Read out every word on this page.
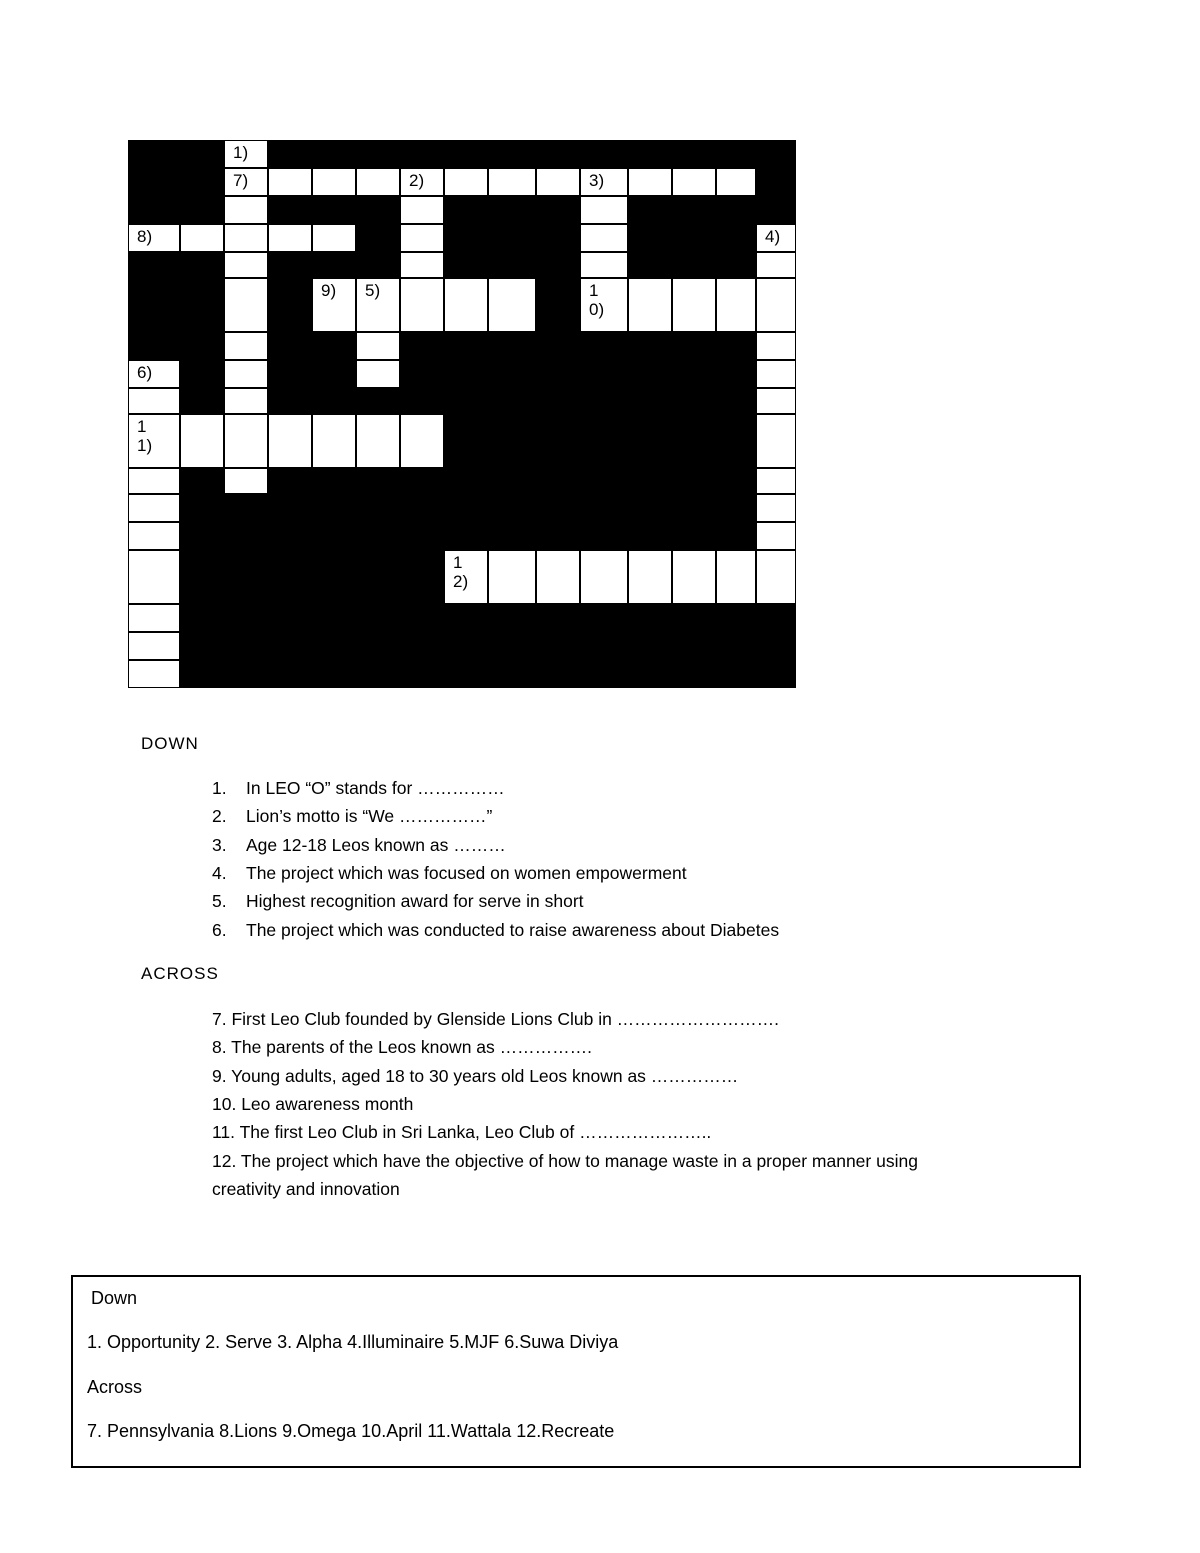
1)
7)	2)	3)
8)	4)
9) 5)	10)
6)
11)
12)
DOWN
1. In LEO “O” stands for ……………
2. Lion’s motto is “We ……………”
3. Age 12-18 Leos known as ………
4. The project which was focused on women empowerment
5. Highest recognition award for serve in short
6. The project which was conducted to raise awareness about Diabetes
ACROSS
7. First Leo Club founded by Glenside Lions Club in ……………………….
8. The parents of the Leos known as …………….
9. Young adults, aged 18 to 30 years old Leos known as ……………
10. Leo awareness month
11. The first Leo Club in Sri Lanka, Leo Club of …………………..
12. The project which have the objective of how to manage waste in a proper manner using
creativity and innovation
Down
1. Opportunity 2. Serve 3. Alpha 4.Illuminaire 5.MJF 6.Suwa Diviya
Across
7. Pennsylvania 8.Lions 9.Omega 10.April 11.Wattala 12.Recreate
